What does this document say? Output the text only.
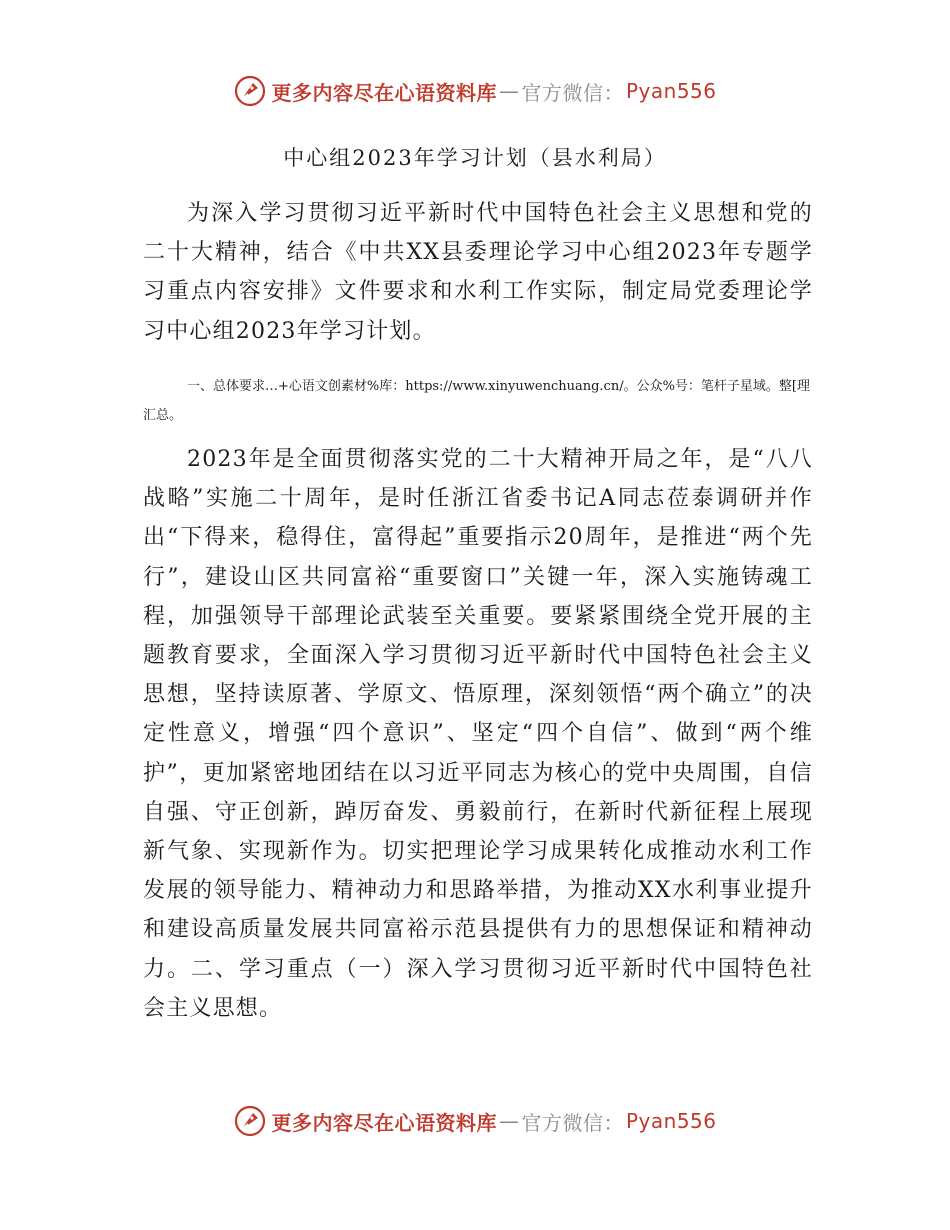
更多内容尽在心语资料库 — 官方微信： Pyan556
中心组2023年学习计划（县水利局）

为深入学习贯彻习近平新时代中国特色社会主义思想和党的二十大精神，结合《中共XX县委理论学习中心组2023年专题学习重点内容安排》文件要求和水利工作实际，制定局党委理论学习中心组2023年学习计划。

一、总体要求…+心语文创素材%库：https://www.xinyuwenchuang.cn/。公众%号：笔杆子星域。整[理汇总。

2023年是全面贯彻落实党的二十大精神开局之年，是“八八战略”实施二十周年，是时任浙江省委书记A同志莅泰调研并作出“下得来，稳得住，富得起”重要指示20周年，是推进“两个先行”，建设山区共同富裕“重要窗口”关键一年，深入实施铸魂工程，加强领导干部理论武装至关重要。要紧紧围绕全党开展的主题教育要求，全面深入学习贯彻习近平新时代中国特色社会主义思想，坚持读原著、学原文、悟原理，深刻领悟“两个确立”的决定性意义，增强“四个意识”、坚定“四个自信”、做到“两个维护”，更加紧密地团结在以习近平同志为核心的党中央周围，自信自强、守正创新，踔厉奋发、勇毅前行，在新时代新征程上展现新气象、实现新作为。切实把理论学习成果转化成推动水利工作发展的领导能力、精神动力和思路举措，为推动XX水利事业提升和建设高质量发展共同富裕示范县提供有力的思想保证和精神动力。二、学习重点（一）深入学习贯彻习近平新时代中国特色社会主义思想。

更多内容尽在心语资料库 — 官方微信： Pyan556
